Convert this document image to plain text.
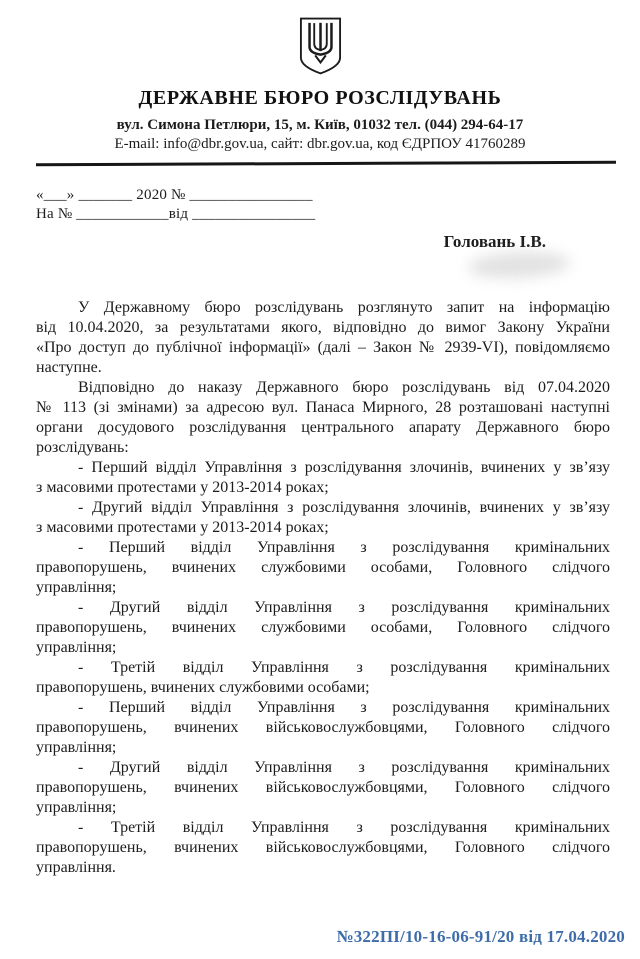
ДЕРЖАВНЕ БЮРО РОЗСЛІДУВАНЬ
вул. Симона Петлюри, 15, м. Київ, 01032 тел. (044) 294-64-17
E-mail: info@dbr.gov.ua, сайт: dbr.gov.ua, код ЄДРПОУ 41760289
«___» _______ 2020 № ________________
На № ____________від ________________
Головань І.В.
У Державному бюро розслідувань розглянуто запит на інформацію
від 10.04.2020, за результатами якого, відповідно до вимог Закону України
«Про доступ до публічної інформації» (далі – Закон № 2939-VI), повідомляємо
наступне.
Відповідно до наказу Державного бюро розслідувань від 07.04.2020
№ 113 (зі змінами) за адресою вул. Панаса Мирного, 28 розташовані наступні
органи досудового розслідування центрального апарату Державного бюро
розслідувань:
- Перший відділ Управління з розслідування злочинів, вчинених у зв’язу
з масовими протестами у 2013-2014 роках;
- Другий відділ Управління з розслідування злочинів, вчинених у зв’язу
з масовими протестами у 2013-2014 роках;
- Перший відділ Управління з розслідування кримінальних
правопорушень, вчинених службовими особами, Головного слідчого
управління;
- Другий відділ Управління з розслідування кримінальних
правопорушень, вчинених службовими особами, Головного слідчого
управління;
- Третій відділ Управління з розслідування кримінальних
правопорушень, вчинених службовими особами;
- Перший відділ Управління з розслідування кримінальних
правопорушень, вчинених військовослужбовцями, Головного слідчого
управління;
- Другий відділ Управління з розслідування кримінальних
правопорушень, вчинених військовослужбовцями, Головного слідчого
управління;
- Третій відділ Управління з розслідування кримінальних
правопорушень, вчинених військовослужбовцями, Головного слідчого
управління.
№322ПІ/10-16-06-91/20 від 17.04.2020
